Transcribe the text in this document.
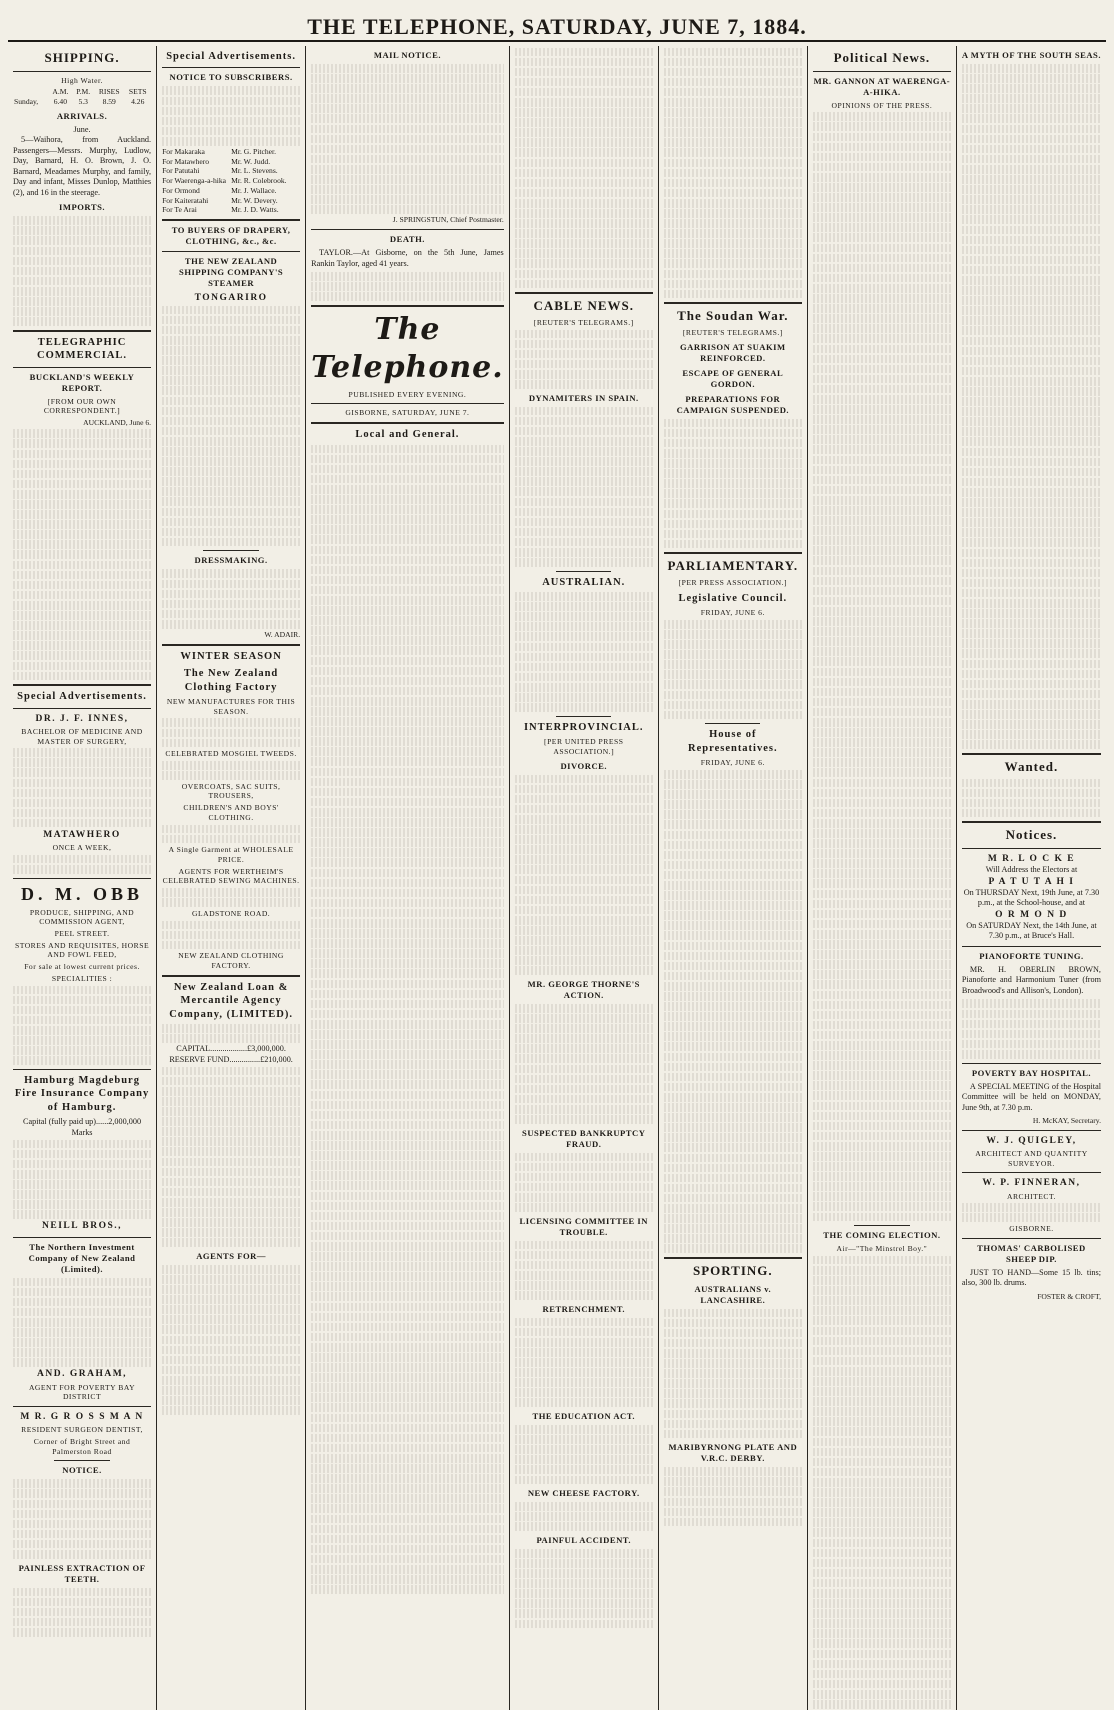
THE TELEPHONE, SATURDAY, JUNE 7, 1884.
SHIPPING.
High Water.
	A.M.	P.M.	RISES	SETS
Sunday,	6.40	5.3	8.59	4.26
ARRIVALS.
June.

5—Waihora, from Auckland. Passengers—Messrs. Murphy, Ludlow, Day, Barnard, H. O. Brown, J. O. Barnard, Meadames Murphy, and family, Day and infant, Misses Dunlop, Matthies (2), and 16 in the steerage.

IMPORTS.
TELEGRAPHIC COMMERCIAL.
BUCKLAND'S WEEKLY REPORT.
[FROM OUR OWN CORRESPONDENT.]
AUCKLAND, June 6.
Special Advertisements.
DR. J. F. INNES,
BACHELOR OF MEDICINE AND MASTER OF SURGERY,
MATAWHERO
ONCE A WEEK,
D. M. OBB
PRODUCE, SHIPPING, AND COMMISSION AGENT,
PEEL STREET.
STORES AND REQUISITES, HORSE AND FOWL FEED,
For sale at lowest current prices.
SPECIALITIES :
Hamburg Magdeburg Fire Insurance Company of Hamburg.
Capital (fully paid up)......2,000,000 Marks
NEILL BROS.,
The Northern Investment Company of New Zealand (Limited).
AND. GRAHAM,
AGENT FOR POVERTY BAY DISTRICT
M R. G R O S S M A N
RESIDENT SURGEON DENTIST,
Corner of Bright Street and Palmerston Road
NOTICE.
PAINLESS EXTRACTION OF TEETH.
Special Advertisements.
NOTICE TO SUBSCRIBERS.
For Makaraka	Mr. G. Pitcher.
For Matawhero	Mr. W. Judd.
For Patutahi	Mr. L. Stevens.
For Waerenga-a-hika Mr. R. Colebrook.
For Ormond	Mr. J. Wallace.
For Kaiteratahi	Mr. W. Devery.
For Te Arai	Mr. J. D. Watts.
TO BUYERS OF DRAPERY, CLOTHING, &c., &c.
THE NEW ZEALAND SHIPPING COMPANY'S STEAMER
TONGARIRO
DRESSMAKING.
W. ADAIR.
WINTER SEASON
The New Zealand Clothing Factory
NEW MANUFACTURES FOR THIS SEASON.
CELEBRATED MOSGIEL TWEEDS.
OVERCOATS, SAC SUITS, TROUSERS,
CHILDREN'S AND BOYS' CLOTHING.
A Single Garment at WHOLESALE PRICE.
AGENTS FOR WERTHEIM'S CELEBRATED SEWING MACHINES.
GLADSTONE ROAD.
NEW ZEALAND CLOTHING FACTORY.
New Zealand Loan & Mercantile Agency Company, (LIMITED).
CAPITAL..................£3,000,000.
RESERVE FUND...............£210,000.
AGENTS FOR—
MAIL NOTICE.
J. SPRINGSTUN, Chief Postmaster.
DEATH.

TAYLOR.—At Gisborne, on the 5th June, James Rankin Taylor, aged 41 years.

The Telephone.
PUBLISHED EVERY EVENING.
GISBORNE, SATURDAY, JUNE 7.
Local and General.
CABLE NEWS.
[REUTER'S TELEGRAMS.]
DYNAMITERS IN SPAIN.
AUSTRALIAN.
INTERPROVINCIAL.
[PER UNITED PRESS ASSOCIATION.]
DIVORCE.
MR. GEORGE THORNE'S ACTION.
SUSPECTED BANKRUPTCY FRAUD.
LICENSING COMMITTEE IN TROUBLE.
RETRENCHMENT.
THE EDUCATION ACT.
NEW CHEESE FACTORY.
PAINFUL ACCIDENT.
The Soudan War.
[REUTER'S TELEGRAMS.]
GARRISON AT SUAKIM REINFORCED.
ESCAPE OF GENERAL GORDON.
PREPARATIONS FOR CAMPAIGN SUSPENDED.
PARLIAMENTARY.
[PER PRESS ASSOCIATION.]
Legislative Council.
FRIDAY, JUNE 6.
House of Representatives.
FRIDAY, JUNE 6.
SPORTING.
AUSTRALIANS v. LANCASHIRE.
MARIBYRNONG PLATE AND V.R.C. DERBY.
Political News.
MR. GANNON AT WAERENGA-A-HIKA.
OPINIONS OF THE PRESS.
THE COMING ELECTION.
Air—"The Minstrel Boy."
A MYTH OF THE SOUTH SEAS.
Wanted.
Notices.
M R. L O C K E
Will Address the Electors at
P A T U T A H I
On THURSDAY Next, 19th June, at 7.30 p.m., at the School-house, and at
O R M O N D
On SATURDAY Next, the 14th June, at 7.30 p.m., at Bruce's Hall.
PIANOFORTE TUNING.

MR. H. OBERLIN BROWN, Pianoforte and Harmonium Tuner (from Broadwood's and Allison's, London).

POVERTY BAY HOSPITAL.

A SPECIAL MEETING of the Hospital Committee will be held on MONDAY, June 9th, at 7.30 p.m.

H. McKAY, Secretary.
W. J. QUIGLEY,
ARCHITECT AND QUANTITY SURVEYOR.
W. P. FINNERAN,
ARCHITECT.
GISBORNE.
THOMAS' CARBOLISED SHEEP DIP.

JUST TO HAND—Some 15 lb. tins; also, 300 lb. drums.

FOSTER & CROFT,
